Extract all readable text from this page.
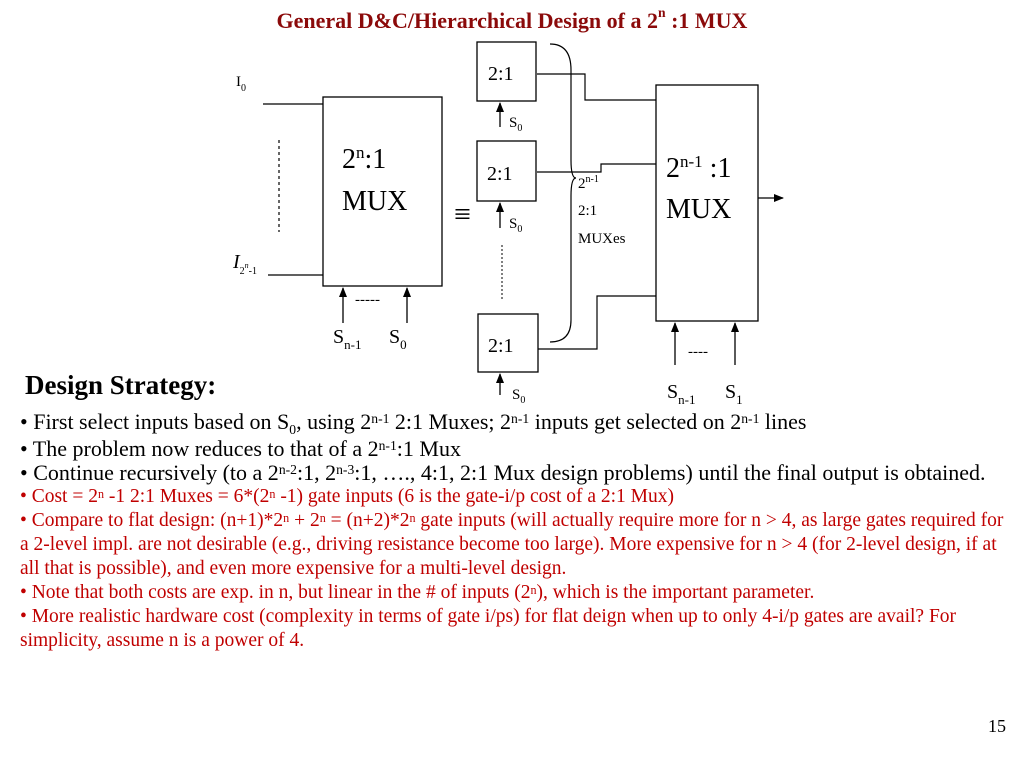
General D&C/Hierarchical Design of a 2$^n$ :1 MUX
$I_0$
$I_2^n_{-1}$
2$^n$:1
MUX
-----
$S_{n-1}$ $S_0$
≡
2:1
2:1
2:1
$S_0$
$S_0$
$S_0$
2$^{n-1}$
2:1
MUXes
2$^{n-1}$ :1
MUX
----
$S_{n-1}$ $S_1$
Design Strategy:

• First select inputs based on $S_0$, using 2$^{n-1}$ 2:1 Muxes; 2$^{n-1}$ inputs get selected on 2$^{n-1}$ lines

• The problem now reduces to that of a 2$^{n-1}$:1 Mux

• Continue recursively (to a 2$^{n-2}$:1, 2$^{n-3}$:1, …., 4:1, 2:1 Mux design problems) until the final output is obtained.

• Cost = $2^n$ -1 2:1 Muxes = $6*(2^n$ -1) gate inputs (6 is the gate-i/p cost of a 2:1 Mux)

• Compare to flat design: $(n+1)*2^n + 2^n = (n+2)*2^n$ gate inputs (will actually require more for n > 4, as large gates required for a 2-level impl. are not desirable (e.g., driving resistance become too large). More expensive for n > 4 (for 2-level design, if at all that is possible), and even more expensive for a multi-level design.

• Note that both costs are exp. in n, but linear in the # of inputs (2$^n$), which is the important parameter.

• More realistic hardware cost (complexity in terms of gate i/ps) for flat deign when up to only 4-i/p gates are avail? For simplicity, assume n is a power of 4.

15
